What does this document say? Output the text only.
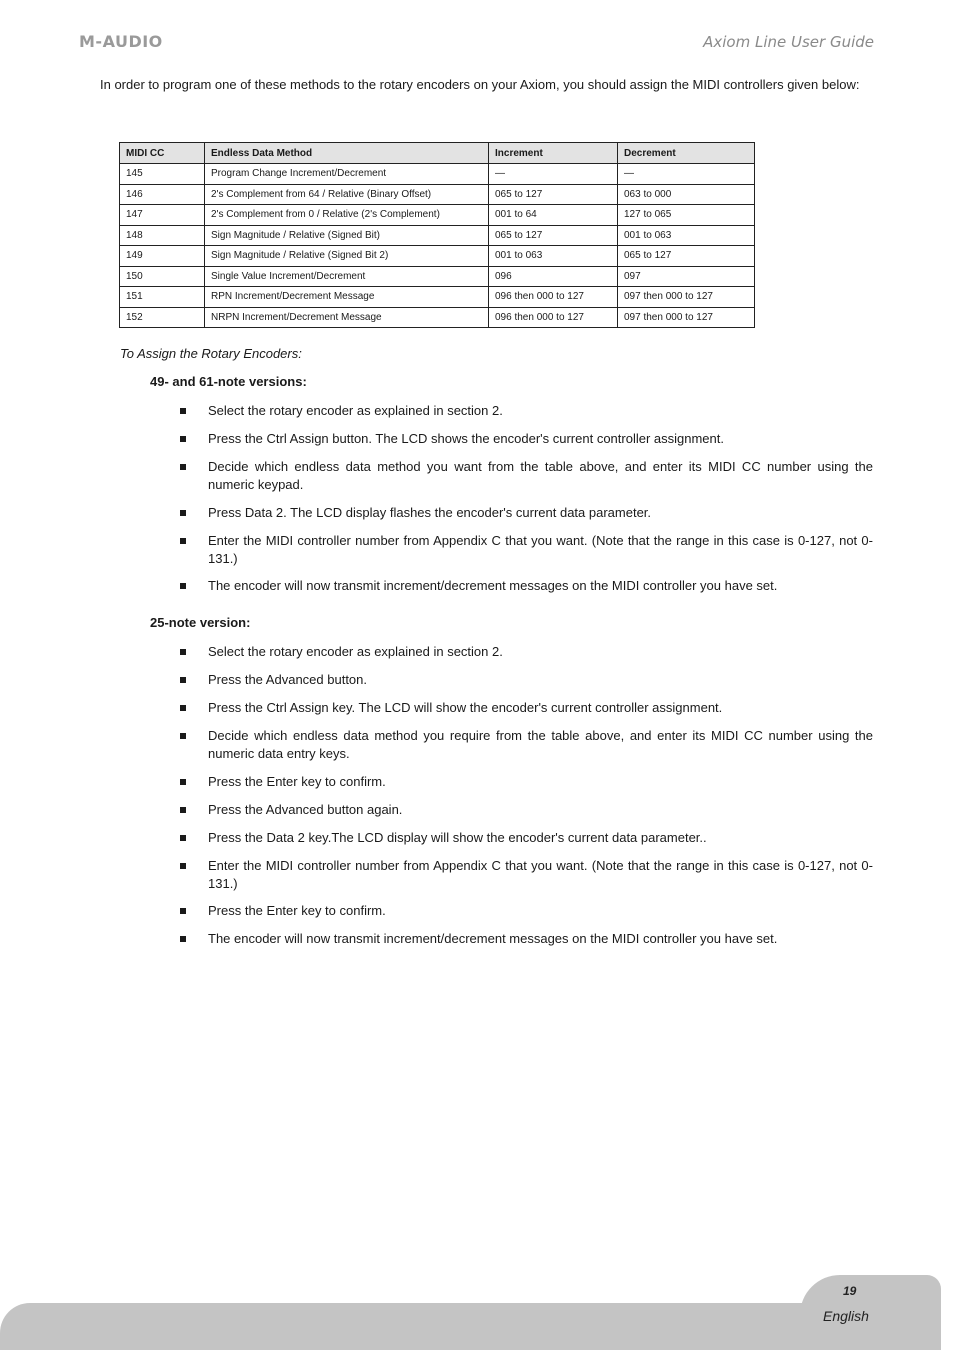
M-AUDIO	Axiom Line User Guide

In order to program one of these methods to the rotary encoders on your Axiom, you should assign the MIDI controllers given below:

MIDI CC	Endless Data Method	Increment	Decrement
145	Program Change Increment/Decrement	—	—
146	2's Complement from 64 / Relative (Binary Offset)	065 to 127	063 to 000
147	2's Complement from 0 / Relative (2's Complement)	001 to 64	127 to 065
148	Sign Magnitude / Relative (Signed Bit)	065 to 127	001 to 063
149	Sign Magnitude / Relative (Signed Bit 2)	001 to 063	065 to 127
150	Single Value Increment/Decrement	096	097
151	RPN Increment/Decrement Message	096 then 000 to 127	097 then 000 to 127
152	NRPN Increment/Decrement Message	096 then 000 to 127	097 then 000 to 127

To Assign the Rotary Encoders:

49- and 61-note versions:

Select the rotary encoder as explained in section 2.
Press the Ctrl Assign button. The LCD shows the encoder's current controller assignment.
Decide which endless data method you want from the table above, and enter its MIDI CC number using the numeric keypad.
Press Data 2. The LCD display flashes the encoder's current data parameter.
Enter the MIDI controller number from Appendix C that you want. (Note that the range in this case is 0-127, not 0-131.)
The encoder will now transmit increment/decrement messages on the MIDI controller you have set.

25-note version:

Select the rotary encoder as explained in section 2.
Press the Advanced button.
Press the Ctrl Assign key. The LCD will show the encoder's current controller assignment.
Decide which endless data method you require from the table above, and enter its MIDI CC number using the numeric data entry keys.
Press the Enter key to confirm.
Press the Advanced button again.
Press the Data 2 key.The LCD display will show the encoder's current data parameter..
Enter the MIDI controller number from Appendix C that you want. (Note that the range in this case is 0-127, not 0-131.)
Press the Enter key to confirm.
The encoder will now transmit increment/decrement messages on the MIDI controller you have set.
19
English
